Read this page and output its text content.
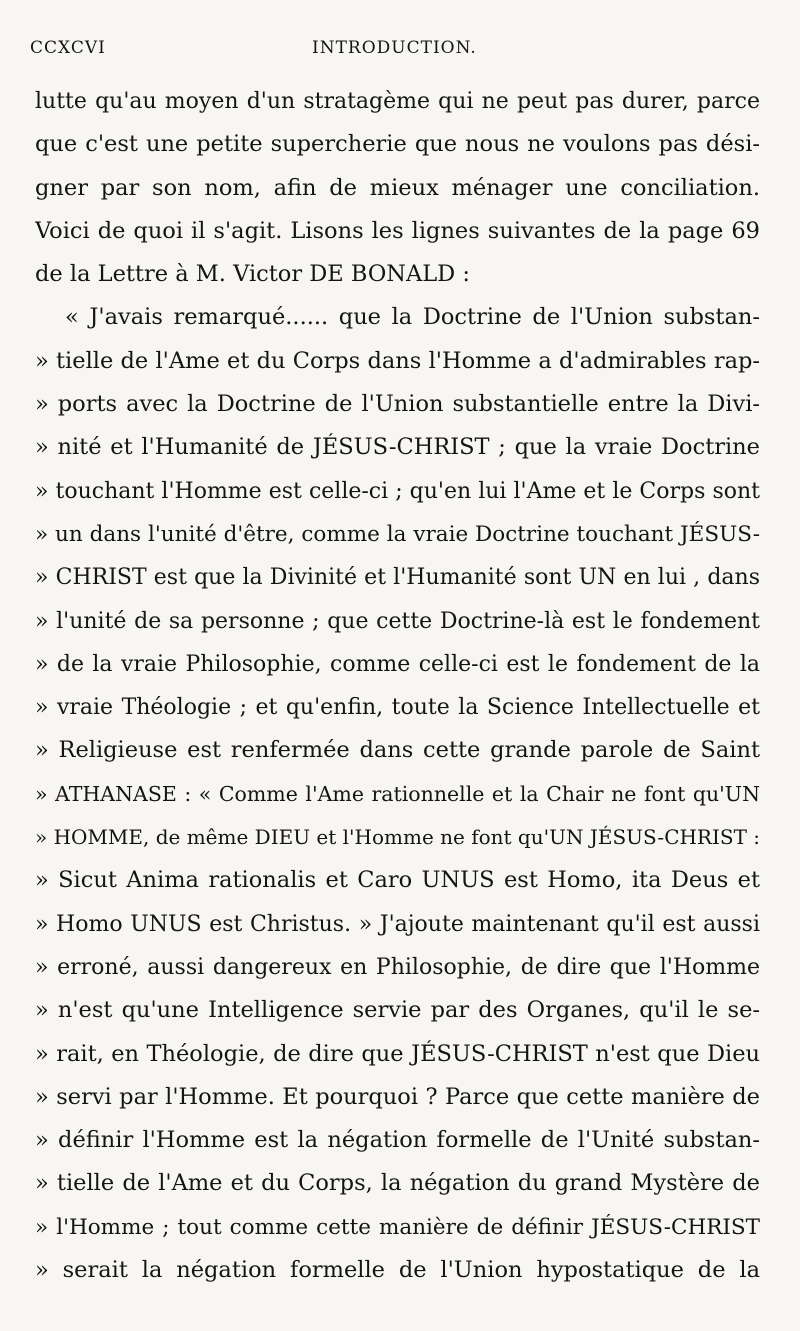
CCXCVI	INTRODUCTION.
lutte qu'au moyen d'un stratagème qui ne peut pas durer, parce
que c'est une petite supercherie que nous ne voulons pas dési-
gner par son nom, afin de mieux ménager une conciliation.
Voici de quoi il s'agit. Lisons les lignes suivantes de la page 69
de la Lettre à M. Victor DE BONALD :
« J'avais remarqué...... que la Doctrine de l'Union substan-
» tielle de l'Ame et du Corps dans l'Homme a d'admirables rap-
» ports avec la Doctrine de l'Union substantielle entre la Divi-
» nité et l'Humanité de JÉSUS-CHRIST ; que la vraie Doctrine
» touchant l'Homme est celle-ci ; qu'en lui l'Ame et le Corps sont
» un dans l'unité d'être, comme la vraie Doctrine touchant JÉSUS-
» CHRIST est que la Divinité et l'Humanité sont UN en lui , dans
» l'unité de sa personne ; que cette Doctrine-là est le fondement
» de la vraie Philosophie, comme celle-ci est le fondement de la
» vraie Théologie ; et qu'enfin, toute la Science Intellectuelle et
» Religieuse est renfermée dans cette grande parole de Saint
» ATHANASE : « Comme l'Ame rationnelle et la Chair ne font qu'UN
» HOMME, de même DIEU et l'Homme ne font qu'UN JÉSUS-CHRIST :
» Sicut Anima rationalis et Caro UNUS est Homo, ita Deus et
» Homo UNUS est Christus. » J'ajoute maintenant qu'il est aussi
» erroné, aussi dangereux en Philosophie, de dire que l'Homme
» n'est qu'une Intelligence servie par des Organes, qu'il le se-
» rait, en Théologie, de dire que JÉSUS-CHRIST n'est que Dieu
» servi par l'Homme. Et pourquoi ? Parce que cette manière de
» définir l'Homme est la négation formelle de l'Unité substan-
» tielle de l'Ame et du Corps, la négation du grand Mystère de
» l'Homme ; tout comme cette manière de définir JÉSUS-CHRIST
» serait la négation formelle de l'Union hypostatique de la
